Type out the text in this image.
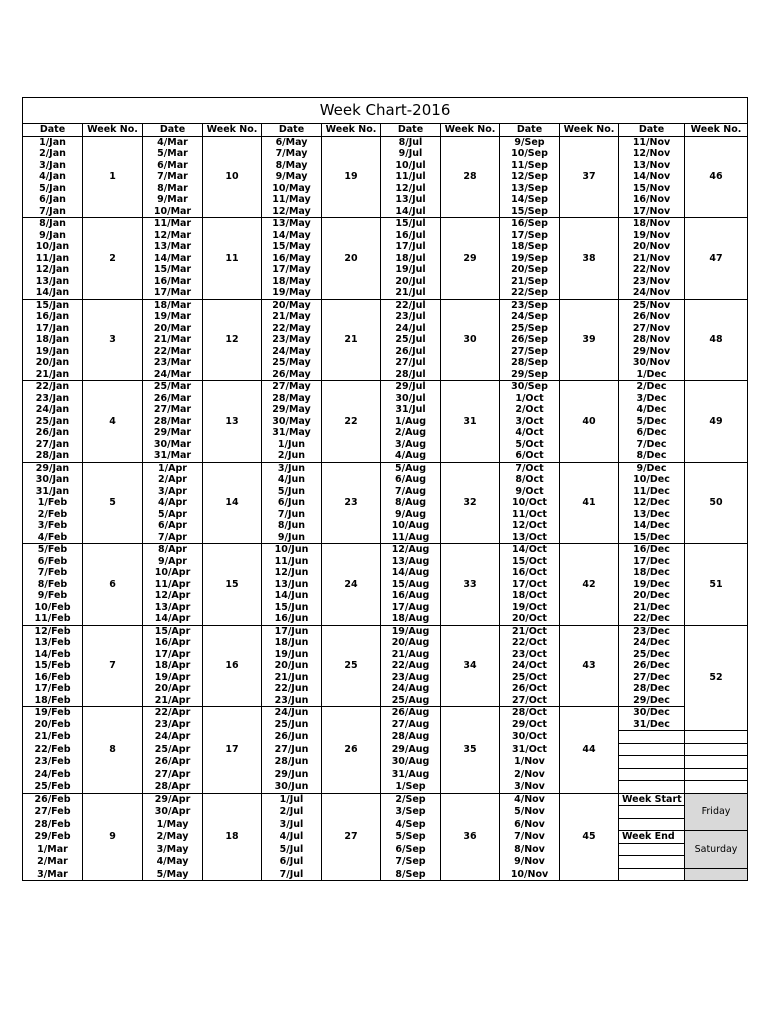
Week Chart-2016											
Date	Week No.	Date	Week No.	Date	Week No.	Date	Week No.	Date	Week No.	Date	Week No.
1/Jan	1	4/Mar	10	6/May	19	8/Jul	28	9/Sep	37	11/Nov	46
2/Jan		5/Mar		7/May		9/Jul		10/Sep		12/Nov	
3/Jan		6/Mar		8/May		10/Jul		11/Sep		13/Nov	
4/Jan		7/Mar		9/May		11/Jul		12/Sep		14/Nov	
5/Jan		8/Mar		10/May		12/Jul		13/Sep		15/Nov	
6/Jan		9/Mar		11/May		13/Jul		14/Sep		16/Nov	
7/Jan		10/Mar		12/May		14/Jul		15/Sep		17/Nov	
8/Jan	2	11/Mar	11	13/May	20	15/Jul	29	16/Sep	38	18/Nov	47
9/Jan		12/Mar		14/May		16/Jul		17/Sep		19/Nov	
10/Jan		13/Mar		15/May		17/Jul		18/Sep		20/Nov	
11/Jan		14/Mar		16/May		18/Jul		19/Sep		21/Nov	
12/Jan		15/Mar		17/May		19/Jul		20/Sep		22/Nov	
13/Jan		16/Mar		18/May		20/Jul		21/Sep		23/Nov	
14/Jan		17/Mar		19/May		21/Jul		22/Sep		24/Nov	
15/Jan	3	18/Mar	12	20/May	21	22/Jul	30	23/Sep	39	25/Nov	48
16/Jan		19/Mar		21/May		23/Jul		24/Sep		26/Nov	
17/Jan		20/Mar		22/May		24/Jul		25/Sep		27/Nov	
18/Jan		21/Mar		23/May		25/Jul		26/Sep		28/Nov	
19/Jan		22/Mar		24/May		26/Jul		27/Sep		29/Nov	
20/Jan		23/Mar		25/May		27/Jul		28/Sep		30/Nov	
21/Jan		24/Mar		26/May		28/Jul		29/Sep		1/Dec	
22/Jan	4	25/Mar	13	27/May	22	29/Jul	31	30/Sep	40	2/Dec	49
23/Jan		26/Mar		28/May		30/Jul		1/Oct		3/Dec	
24/Jan		27/Mar		29/May		31/Jul		2/Oct		4/Dec	
25/Jan		28/Mar		30/May		1/Aug		3/Oct		5/Dec	
26/Jan		29/Mar		31/May		2/Aug		4/Oct		6/Dec	
27/Jan		30/Mar		1/Jun		3/Aug		5/Oct		7/Dec	
28/Jan		31/Mar		2/Jun		4/Aug		6/Oct		8/Dec	
29/Jan	5	1/Apr	14	3/Jun	23	5/Aug	32	7/Oct	41	9/Dec	50
30/Jan		2/Apr		4/Jun		6/Aug		8/Oct		10/Dec	
31/Jan		3/Apr		5/Jun		7/Aug		9/Oct		11/Dec	
1/Feb		4/Apr		6/Jun		8/Aug		10/Oct		12/Dec	
2/Feb		5/Apr		7/Jun		9/Aug		11/Oct		13/Dec	
3/Feb		6/Apr		8/Jun		10/Aug		12/Oct		14/Dec	
4/Feb		7/Apr		9/Jun		11/Aug		13/Oct		15/Dec	
5/Feb	6	8/Apr	15	10/Jun	24	12/Aug	33	14/Oct	42	16/Dec	51
6/Feb		9/Apr		11/Jun		13/Aug		15/Oct		17/Dec	
7/Feb		10/Apr		12/Jun		14/Aug		16/Oct		18/Dec	
8/Feb		11/Apr		13/Jun		15/Aug		17/Oct		19/Dec	
9/Feb		12/Apr		14/Jun		16/Aug		18/Oct		20/Dec	
10/Feb		13/Apr		15/Jun		17/Aug		19/Oct		21/Dec	
11/Feb		14/Apr		16/Jun		18/Aug		20/Oct		22/Dec	
12/Feb	7	15/Apr	16	17/Jun	25	19/Aug	34	21/Oct	43	23/Dec	52
13/Feb		16/Apr		18/Jun		20/Aug		22/Oct		24/Dec	
14/Feb		17/Apr		19/Jun		21/Aug		23/Oct		25/Dec	
15/Feb		18/Apr		20/Jun		22/Aug		24/Oct		26/Dec	
16/Feb		19/Apr		21/Jun		23/Aug		25/Oct		27/Dec	
17/Feb		20/Apr		22/Jun		24/Aug		26/Oct		28/Dec	
18/Feb		21/Apr		23/Jun		25/Aug		27/Oct		29/Dec	
19/Feb	8	22/Apr	17	24/Jun	26	26/Aug	35	28/Oct	44	30/Dec	
20/Feb		23/Apr		25/Jun		27/Aug		29/Oct		31/Dec	
21/Feb		24/Apr		26/Jun		28/Aug		30/Oct			
22/Feb		25/Apr		27/Jun		29/Aug		31/Oct			
23/Feb		26/Apr		28/Jun		30/Aug		1/Nov			
24/Feb		27/Apr		29/Jun		31/Aug		2/Nov			
25/Feb		28/Apr		30/Jun		1/Sep		3/Nov			
26/Feb	9	29/Apr	18	1/Jul	27	2/Sep	36	4/Nov	45	Week Start	Friday
27/Feb		30/Apr		2/Jul		3/Sep		5/Nov			
28/Feb		1/May		3/Jul		4/Sep		6/Nov			
29/Feb		2/May		4/Jul		5/Sep		7/Nov		Week End	Saturday
1/Mar		3/May		5/Jul		6/Sep		8/Nov			
2/Mar		4/May		6/Jul		7/Sep		9/Nov			
3/Mar		5/May		7/Jul		8/Sep		10/Nov			
